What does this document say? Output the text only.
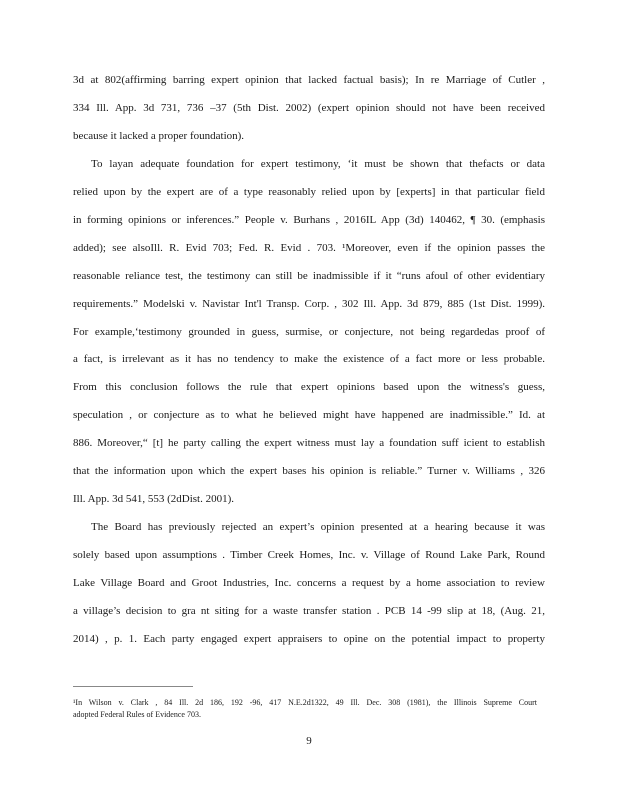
3d at 802(affirming barring expert opinion that lacked factual basis); In re Marriage of Cutler ,
334 Ill. App. 3d 731, 736 –37 (5th Dist. 2002) (expert opinion should not have been received
because it lacked a proper foundation).
To layan adequate foundation for expert testimony, ‘it must be shown that thefacts or data
relied upon by the expert are of a type reasonably relied upon by [experts] in that particular field
in forming opinions or inferences.” People v. Burhans , 2016IL App (3d) 140462, ¶ 30. (emphasis
added); see alsoIll. R. Evid 703; Fed. R. Evid . 703. ¹Moreover, even if the opinion passes the
reasonable reliance test, the testimony can still be inadmissible if it “runs afoul of other evidentiary
requirements.” Modelski v. Navistar Int'l Transp. Corp. , 302 Ill. App. 3d 879, 885 (1st Dist. 1999).
For example,‘testimony grounded in guess, surmise, or conjecture, not being regardedas proof of
a fact, is irrelevant as it has no tendency to make the existence of a fact more or less probable.
From this conclusion follows the rule that expert opinions based upon the witness's guess,
speculation , or conjecture as to what he believed might have happened are inadmissible.” Id. at
886. Moreover,“ [t] he party calling the expert witness must lay a foundation suff icient to establish
that the information upon which the expert bases his opinion is reliable.” Turner v. Williams , 326
Ill. App. 3d 541, 553 (2dDist. 2001).
The Board has previously rejected an expert’s opinion presented at a hearing because it was
solely based upon assumptions . Timber Creek Homes, Inc. v. Village of Round Lake Park, Round
Lake Village Board and Groot Industries, Inc. concerns a request by a home association to review
a village’s decision to gra nt siting for a waste transfer station . PCB 14 -99 slip at 18, (Aug. 21,
2014) , p. 1. Each party engaged expert appraisers to opine on the potential impact to property
¹In Wilson v. Clark , 84 Ill. 2d 186, 192 -96, 417 N.E.2d1322, 49 Ill. Dec. 308 (1981), the Illinois Supreme Court
adopted Federal Rules of Evidence 703.
9
